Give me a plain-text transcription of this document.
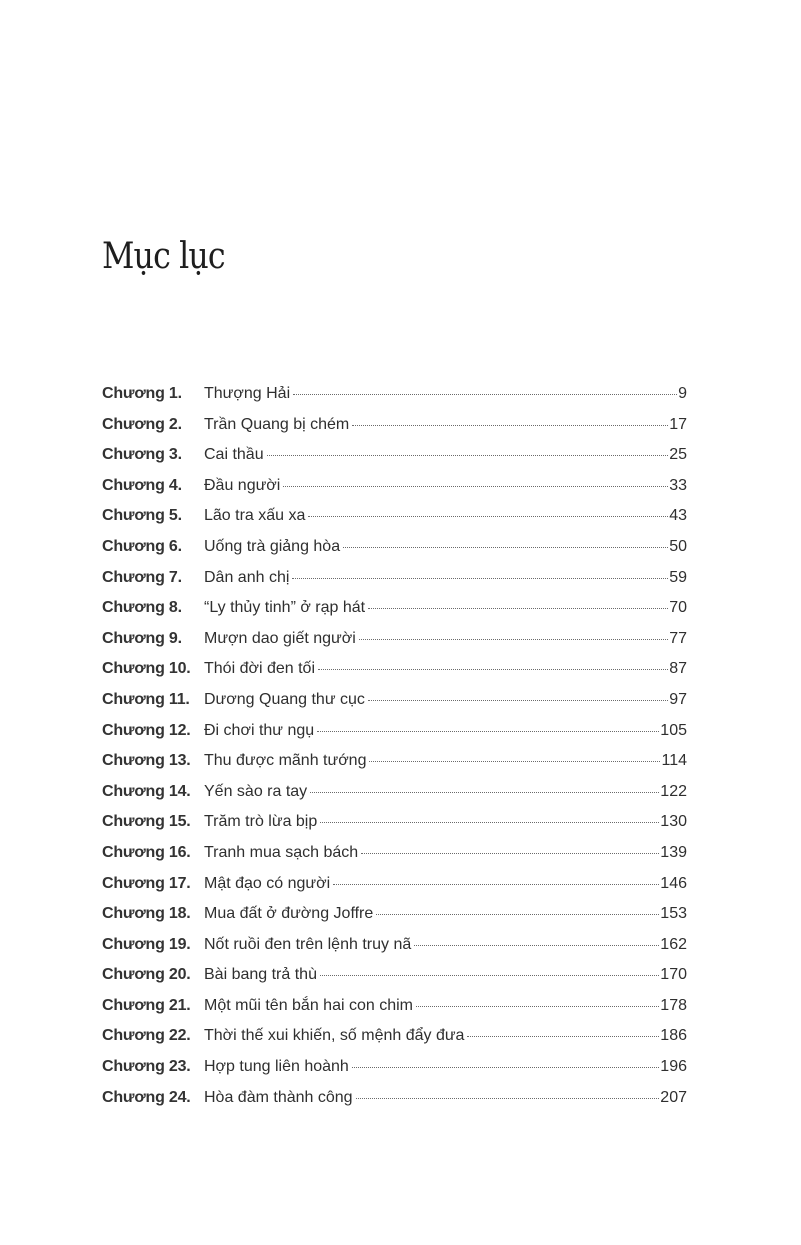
Mục lục
Chương 1.	Thượng Hải	9
Chương 2.	Trần Quang bị chém	17
Chương 3.	Cai thầu	25
Chương 4.	Đầu người	33
Chương 5.	Lão tra xấu xa	43
Chương 6.	Uống trà giảng hòa	50
Chương 7.	Dân anh chị	59
Chương 8.	“Ly thủy tinh” ở rạp hát	70
Chương 9.	Mượn dao giết người	77
Chương 10. Thói đời đen tối	87
Chương 11. Dương Quang thư cục	97
Chương 12. Đi chơi thư ngụ	105
Chương 13. Thu được mãnh tướng	114
Chương 14. Yến sào ra tay	122
Chương 15. Trăm trò lừa bịp	130
Chương 16. Tranh mua sạch bách	139
Chương 17. Mật đạo có người	146
Chương 18. Mua đất ở đường Joffre	153
Chương 19. Nốt ruồi đen trên lệnh truy nã	162
Chương 20. Bài bang trả thù	170
Chương 21. Một mũi tên bắn hai con chim	178
Chương 22. Thời thế xui khiến, số mệnh đẩy đưa	186
Chương 23. Hợp tung liên hoành	196
Chương 24. Hòa đàm thành công	207
